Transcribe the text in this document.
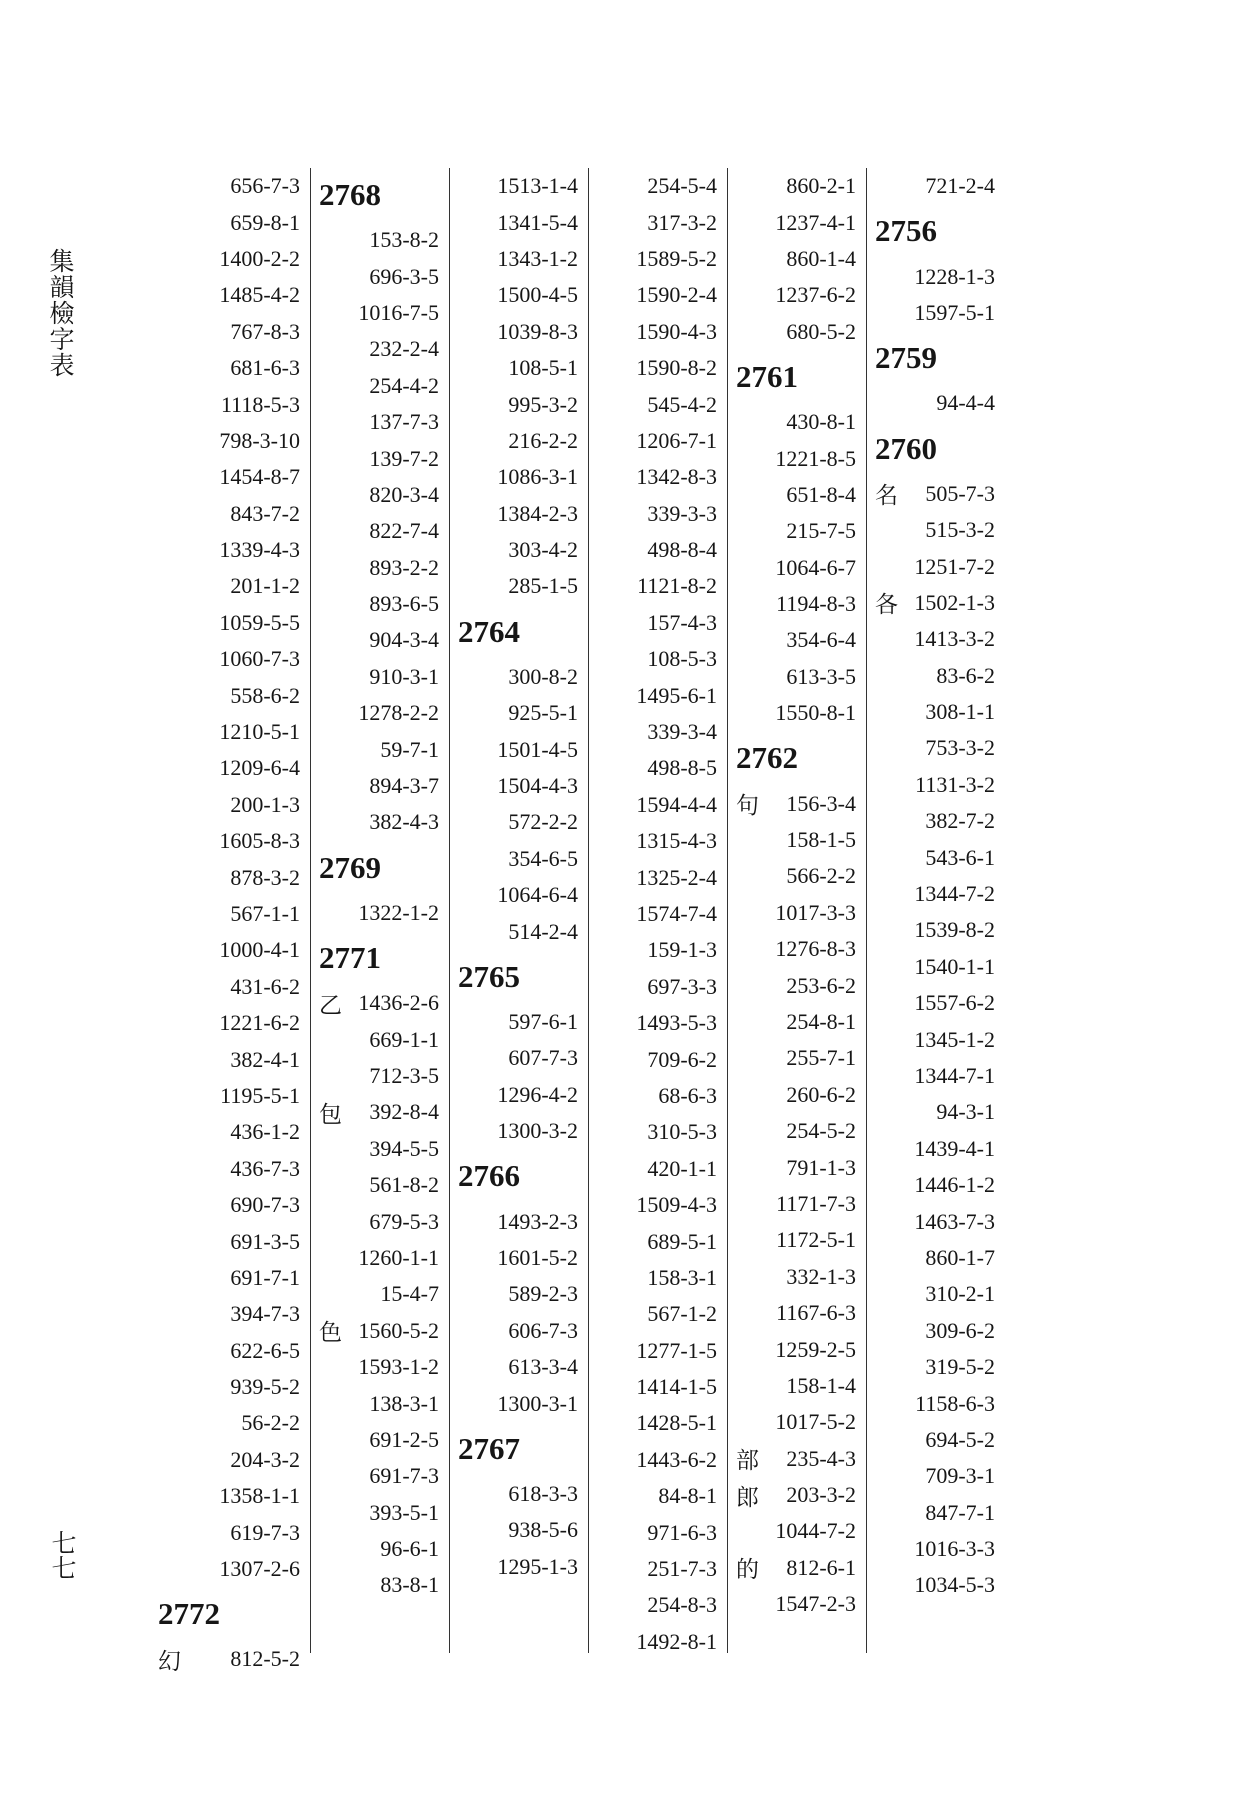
集韻檢字表
七七
656-7-3
659-8-1
1400-2-2
1485-4-2
767-8-3
681-6-3
1118-5-3
798-3-10
1454-8-7
843-7-2
1339-4-3
201-1-2
1059-5-5
1060-7-3
558-6-2
1210-5-1
1209-6-4
200-1-3
1605-8-3
878-3-2
567-1-1
1000-4-1
431-6-2
1221-6-2
382-4-1
1195-5-1
436-1-2
436-7-3
690-7-3
691-3-5
691-7-1
394-7-3
622-6-5
939-5-2
56-2-2
204-3-2
1358-1-1
619-7-3
1307-2-6
2772
幻 812-5-2
2768
153-8-2
696-3-5
1016-7-5
232-2-4
254-4-2
137-7-3
139-7-2
820-3-4
822-7-4
893-2-2
893-6-5
904-3-4
910-3-1
1278-2-2
59-7-1
894-3-7
382-4-3
2769
1322-1-2
2771
乙 1436-2-6
669-1-1
712-3-5
包 392-8-4
394-5-5
561-8-2
679-5-3
1260-1-1
15-4-7
色 1560-5-2
1593-1-2
138-3-1
691-2-5
691-7-3
393-5-1
96-6-1
83-8-1
1513-1-4
1341-5-4
1343-1-2
1500-4-5
1039-8-3
108-5-1
995-3-2
216-2-2
1086-3-1
1384-2-3
303-4-2
285-1-5
2764
300-8-2
925-5-1
1501-4-5
1504-4-3
572-2-2
354-6-5
1064-6-4
514-2-4
2765
597-6-1
607-7-3
1296-4-2
1300-3-2
2766
1493-2-3
1601-5-2
589-2-3
606-7-3
613-3-4
1300-3-1
2767
618-3-3
938-5-6
1295-1-3
254-5-4
317-3-2
1589-5-2
1590-2-4
1590-4-3
1590-8-2
545-4-2
1206-7-1
1342-8-3
339-3-3
498-8-4
1121-8-2
157-4-3
108-5-3
1495-6-1
339-3-4
498-8-5
1594-4-4
1315-4-3
1325-2-4
1574-7-4
159-1-3
697-3-3
1493-5-3
709-6-2
68-6-3
310-5-3
420-1-1
1509-4-3
689-5-1
158-3-1
567-1-2
1277-1-5
1414-1-5
1428-5-1
1443-6-2
84-8-1
971-6-3
251-7-3
254-8-3
1492-8-1
860-2-1
1237-4-1
860-1-4
1237-6-2
680-5-2
2761
430-8-1
1221-8-5
651-8-4
215-7-5
1064-6-7
1194-8-3
354-6-4
613-3-5
1550-8-1
2762
句 156-3-4
158-1-5
566-2-2
1017-3-3
1276-8-3
253-6-2
254-8-1
255-7-1
260-6-2
254-5-2
791-1-3
1171-7-3
1172-5-1
332-1-3
1167-6-3
1259-2-5
158-1-4
1017-5-2
部 235-4-3
郎 203-3-2
1044-7-2
的 812-6-1
1547-2-3
721-2-4
2756
1228-1-3
1597-5-1
2759
94-4-4
2760
名 505-7-3
515-3-2
1251-7-2
各 1502-1-3
1413-3-2
83-6-2
308-1-1
753-3-2
1131-3-2
382-7-2
543-6-1
1344-7-2
1539-8-2
1540-1-1
1557-6-2
1345-1-2
1344-7-1
94-3-1
1439-4-1
1446-1-2
1463-7-3
860-1-7
310-2-1
309-6-2
319-5-2
1158-6-3
694-5-2
709-3-1
847-7-1
1016-3-3
1034-5-3
